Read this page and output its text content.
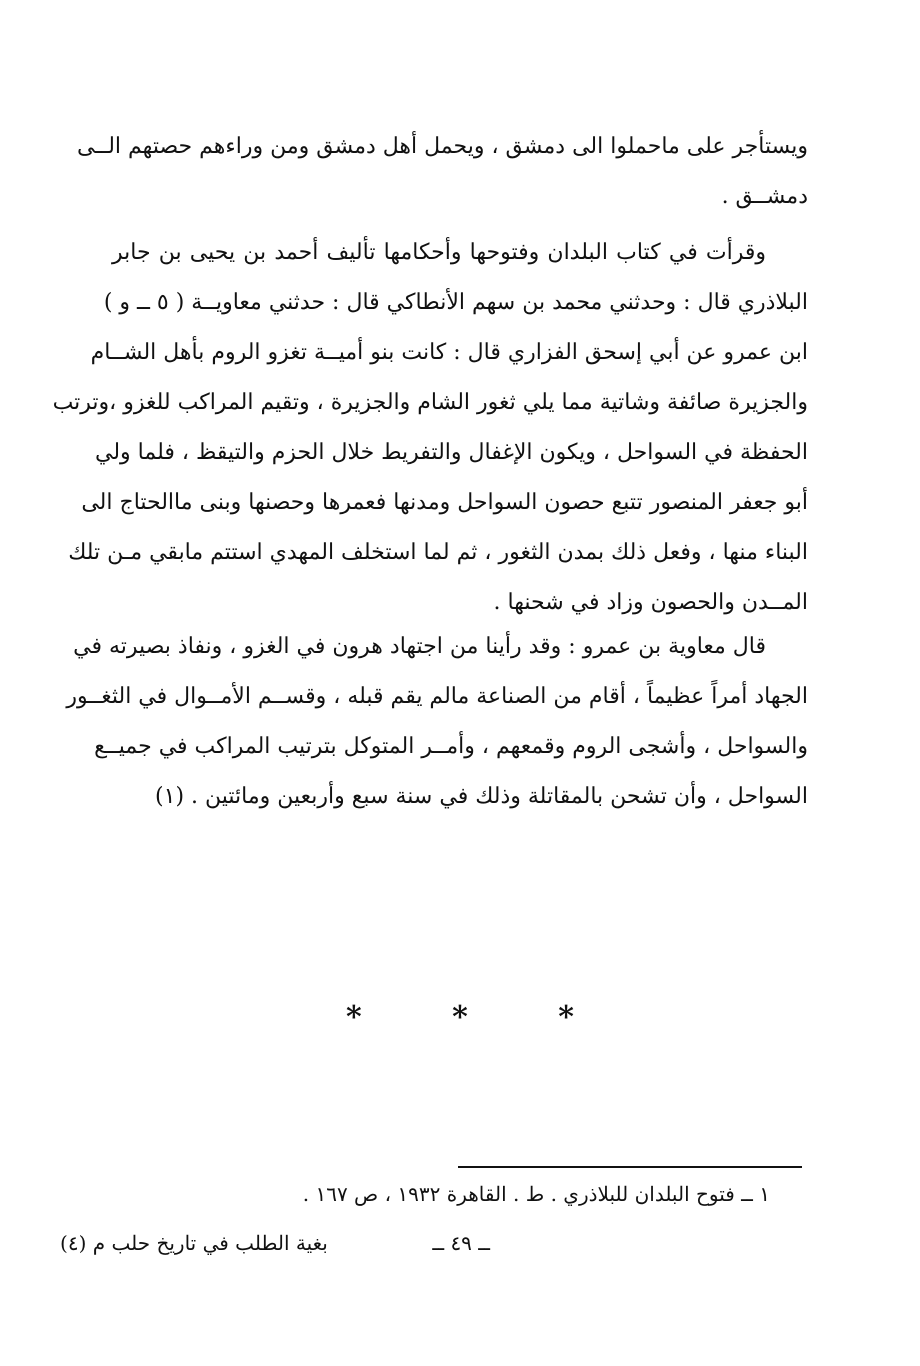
ويستأجر على ماحملوا الى دمشق ، ويحمل أهل دمشق ومن وراءهم حصتهم الــى
دمشــق .
وقرأت في كتاب البلدان وفتوحها وأحكامها تأليف أحمد بن يحيى بن جابر
البلاذري قال : وحدثني محمد بن سهم الأنطاكي قال : حدثني معاويــة ( ٥ ــ و )
ابن عمرو عن أبي إسحق الفزاري قال : كانت بنو أميــة تغزو الروم بأهل الشــام
والجزيرة صائفة وشاتية مما يلي ثغور الشام والجزيرة ، وتقيم المراكب للغزو ،وترتب
الحفظة في السواحل ، ويكون الإغفال والتفريط خلال الحزم والتيقظ ، فلما ولي
أبو جعفر المنصور تتبع حصون السواحل ومدنها فعمرها وحصنها وبنى ماالحتاج الى
البناء منها ، وفعل ذلك بمدن الثغور ، ثم لما استخلف المهدي استتم مابقي مـن تلك
المــدن والحصون وزاد في شحنها .
قال معاوية بن عمرو : وقد رأينا من اجتهاد هرون في الغزو ، ونفاذ بصيرته في
الجهاد أمراً عظيماً ، أقام من الصناعة مالم يقم قبله ، وقســم الأمــوال في الثغــور
والسواحل ، وأشجى الروم وقمعهم ، وأمــر المتوكل بترتيب المراكب في جميــع
السواحل ، وأن تشحن بالمقاتلة وذلك في سنة سبع وأربعين ومائتين . (١)
* * *
١ ــ فتوح البلدان للبلاذري . ط . القاهرة ١٩٣٢ ، ص ١٦٧ .
ــ ٤٩ ــ
بغية الطلب في تاريخ حلب م (٤)
